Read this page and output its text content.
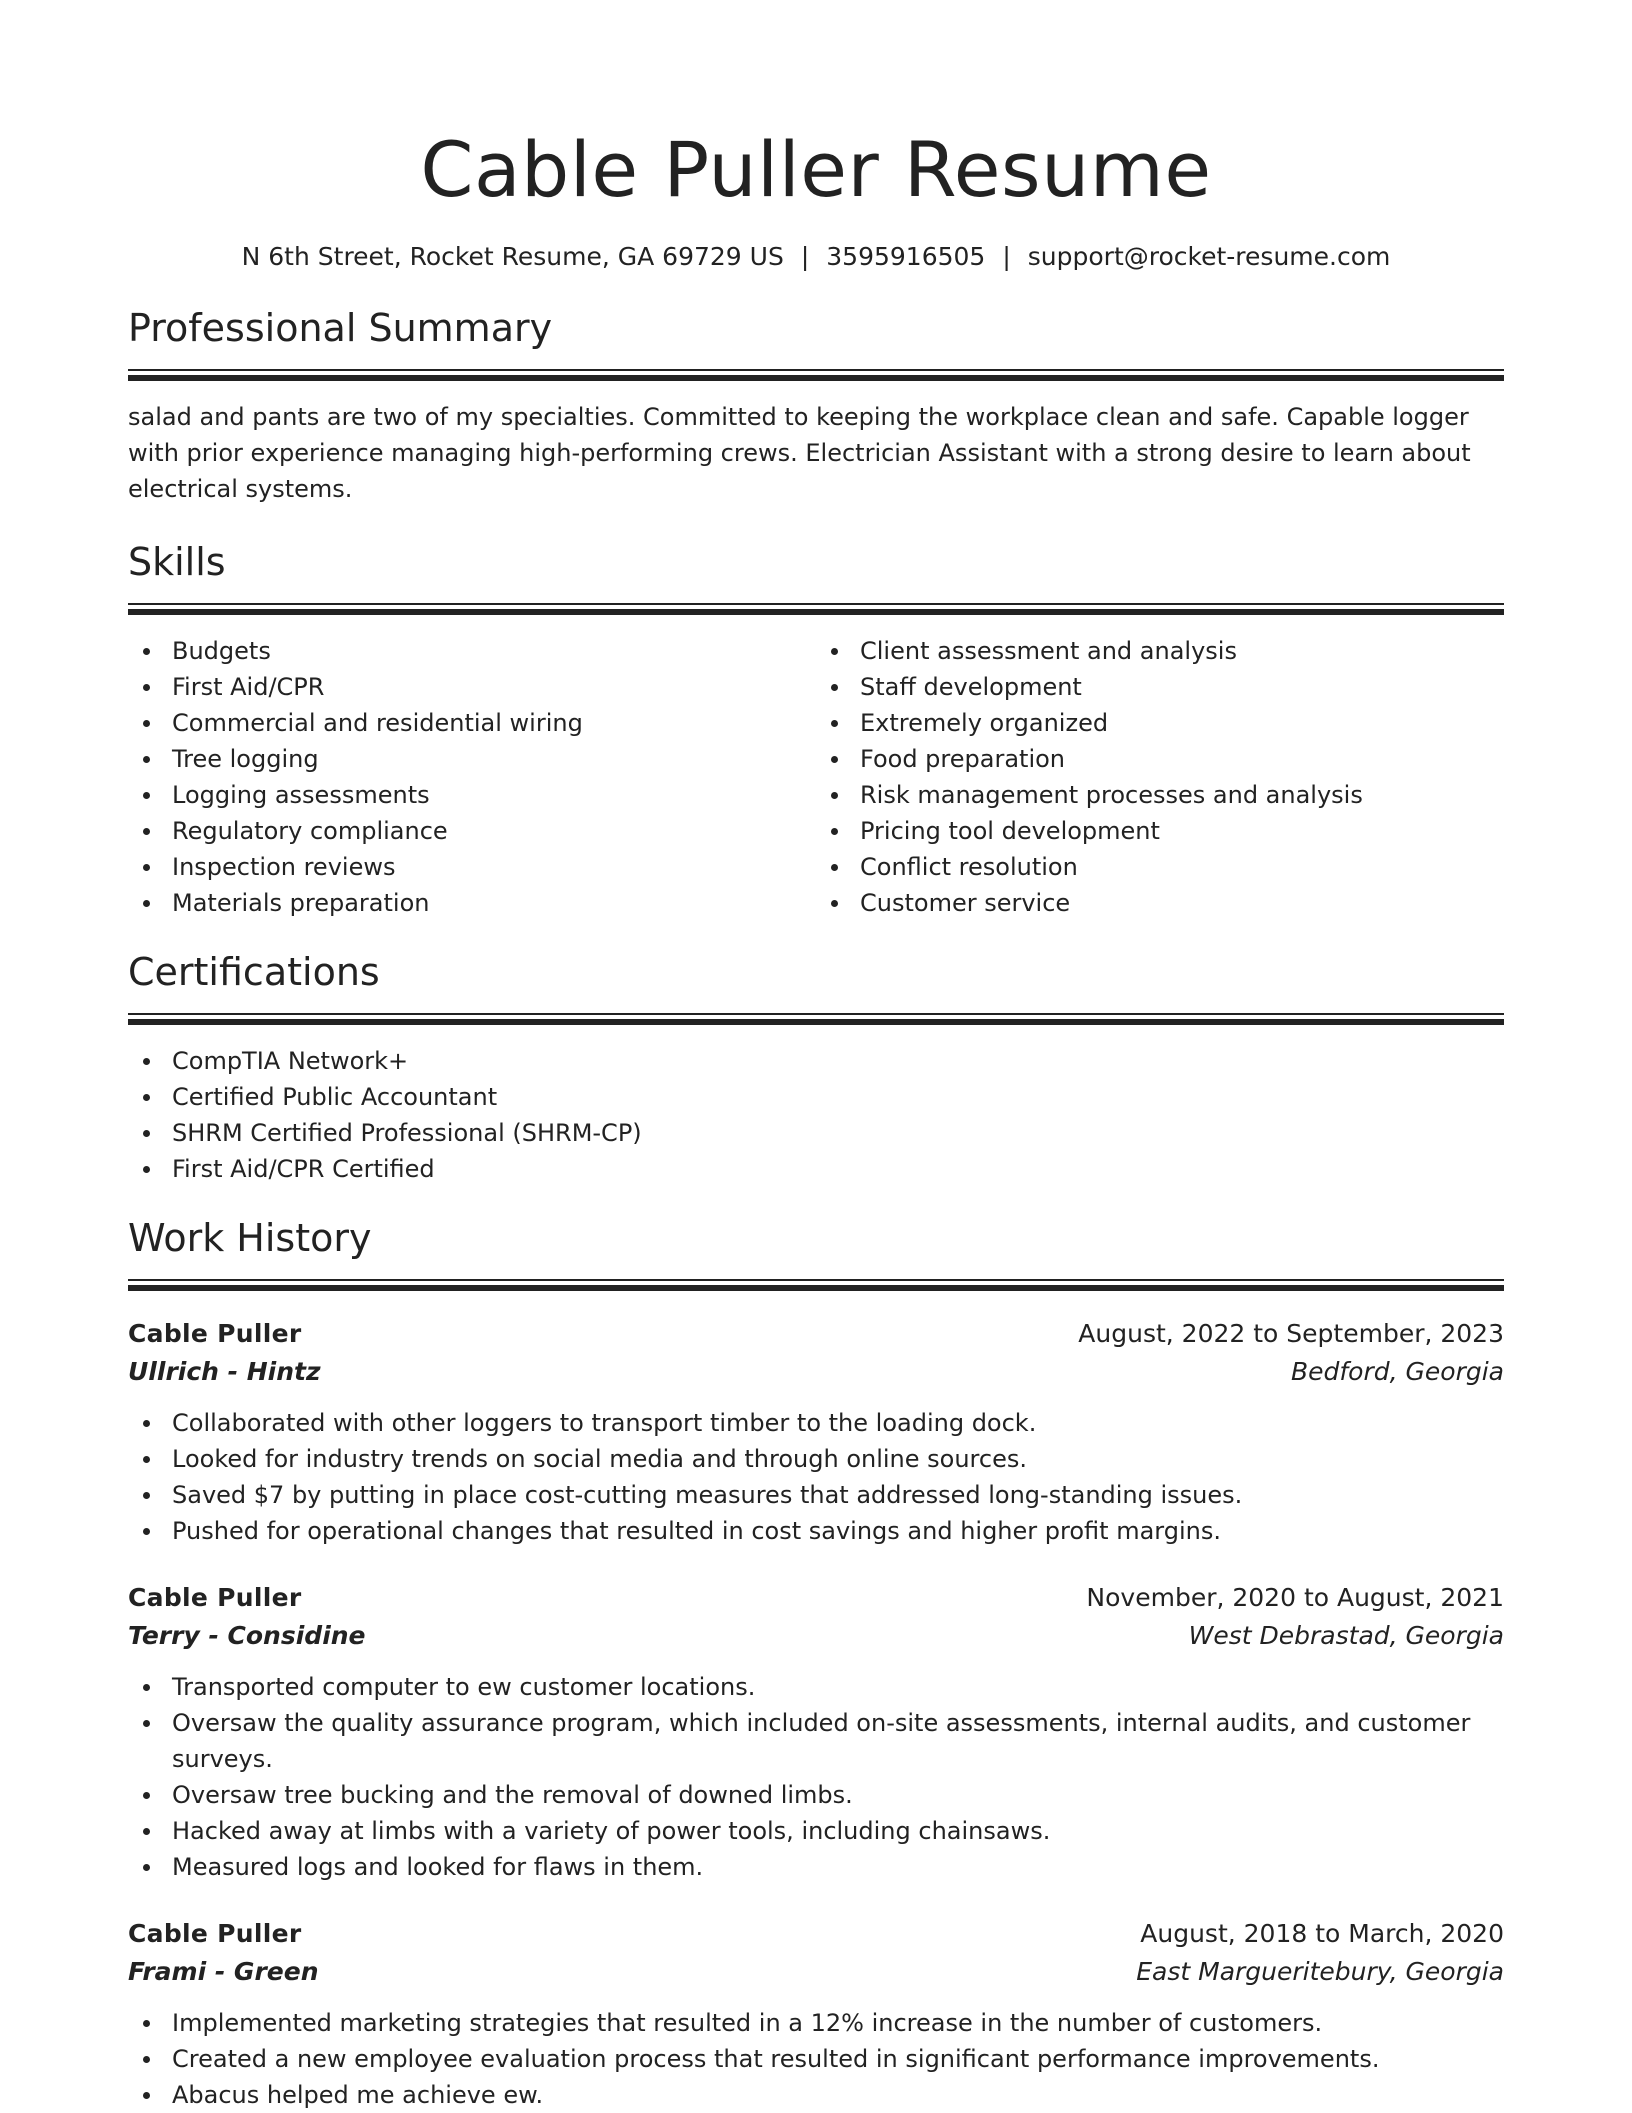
Cable Puller Resume
N 6th Street, Rocket Resume, GA 69729 US | 3595916505 | support@rocket-resume.com
Professional Summary

salad and pants are two of my specialties. Committed to keeping the workplace clean and safe. Capable logger with prior experience managing high-performing crews. Electrician Assistant with a strong desire to learn about electrical systems.

Skills
Budgets
First Aid/CPR
Commercial and residential wiring
Tree logging
Logging assessments
Regulatory compliance
Inspection reviews
Materials preparation
Client assessment and analysis
Staff development
Extremely organized
Food preparation
Risk management processes and analysis
Pricing tool development
Conflict resolution
Customer service
Certifications
CompTIA Network+
Certified Public Accountant
SHRM Certified Professional (SHRM-CP)
First Aid/CPR Certified
Work History
Cable Puller	August, 2022 to September, 2023
Ullrich - Hintz	Bedford, Georgia
Collaborated with other loggers to transport timber to the loading dock.
Looked for industry trends on social media and through online sources.
Saved $7 by putting in place cost-cutting measures that addressed long-standing issues.
Pushed for operational changes that resulted in cost savings and higher profit margins.
Cable Puller	November, 2020 to August, 2021
Terry - Considine	West Debrastad, Georgia
Transported computer to ew customer locations.
Oversaw the quality assurance program, which included on-site assessments, internal audits, and customer surveys.
Oversaw tree bucking and the removal of downed limbs.
Hacked away at limbs with a variety of power tools, including chainsaws.
Measured logs and looked for flaws in them.
Cable Puller	August, 2018 to March, 2020
Frami - Green	East Margueritebury, Georgia
Implemented marketing strategies that resulted in a 12% increase in the number of customers.
Created a new employee evaluation process that resulted in significant performance improvements.
Abacus helped me achieve ew.
